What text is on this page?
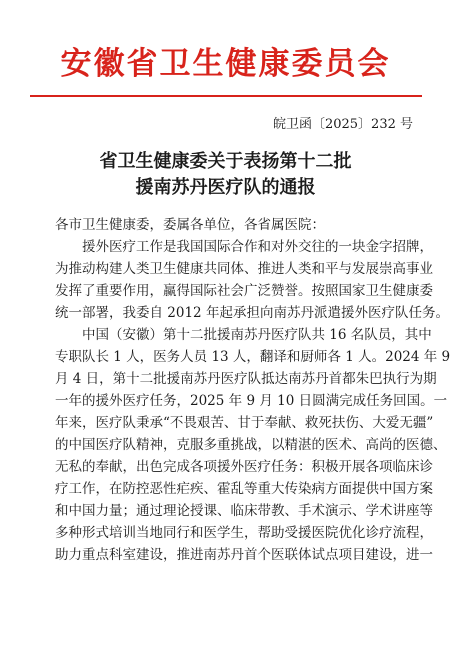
安徽省卫生健康委员会
皖卫函〔2025〕232 号
省卫生健康委关于表扬第十二批
援南苏丹医疗队的通报
各市卫生健康委，委属各单位，各省属医院：
援外医疗工作是我国国际合作和对外交往的一块金字招牌，
为推动构建人类卫生健康共同体、推进人类和平与发展崇高事业
发挥了重要作用，赢得国际社会广泛赞誉。按照国家卫生健康委
统一部署，我委自 2012 年起承担向南苏丹派遣援外医疗队任务。
中国（安徽）第十二批援南苏丹医疗队共 16 名队员，其中
专职队长 1 人，医务人员 13 人，翻译和厨师各 1 人。2024 年 9
月 4 日，第十二批援南苏丹医疗队抵达南苏丹首都朱巴执行为期
一年的援外医疗任务，2025 年 9 月 10 日圆满完成任务回国。一
年来，医疗队秉承“不畏艰苦、甘于奉献、救死扶伤、大爱无疆”
的中国医疗队精神，克服多重挑战，以精湛的医术、高尚的医德、
无私的奉献，出色完成各项援外医疗任务：积极开展各项临床诊
疗工作，在防控恶性疟疾、霍乱等重大传染病方面提供中国方案
和中国力量；通过理论授课、临床带教、手术演示、学术讲座等
多种形式培训当地同行和医学生，帮助受援医院优化诊疗流程，
助力重点科室建设，推进南苏丹首个医联体试点项目建设，进一
